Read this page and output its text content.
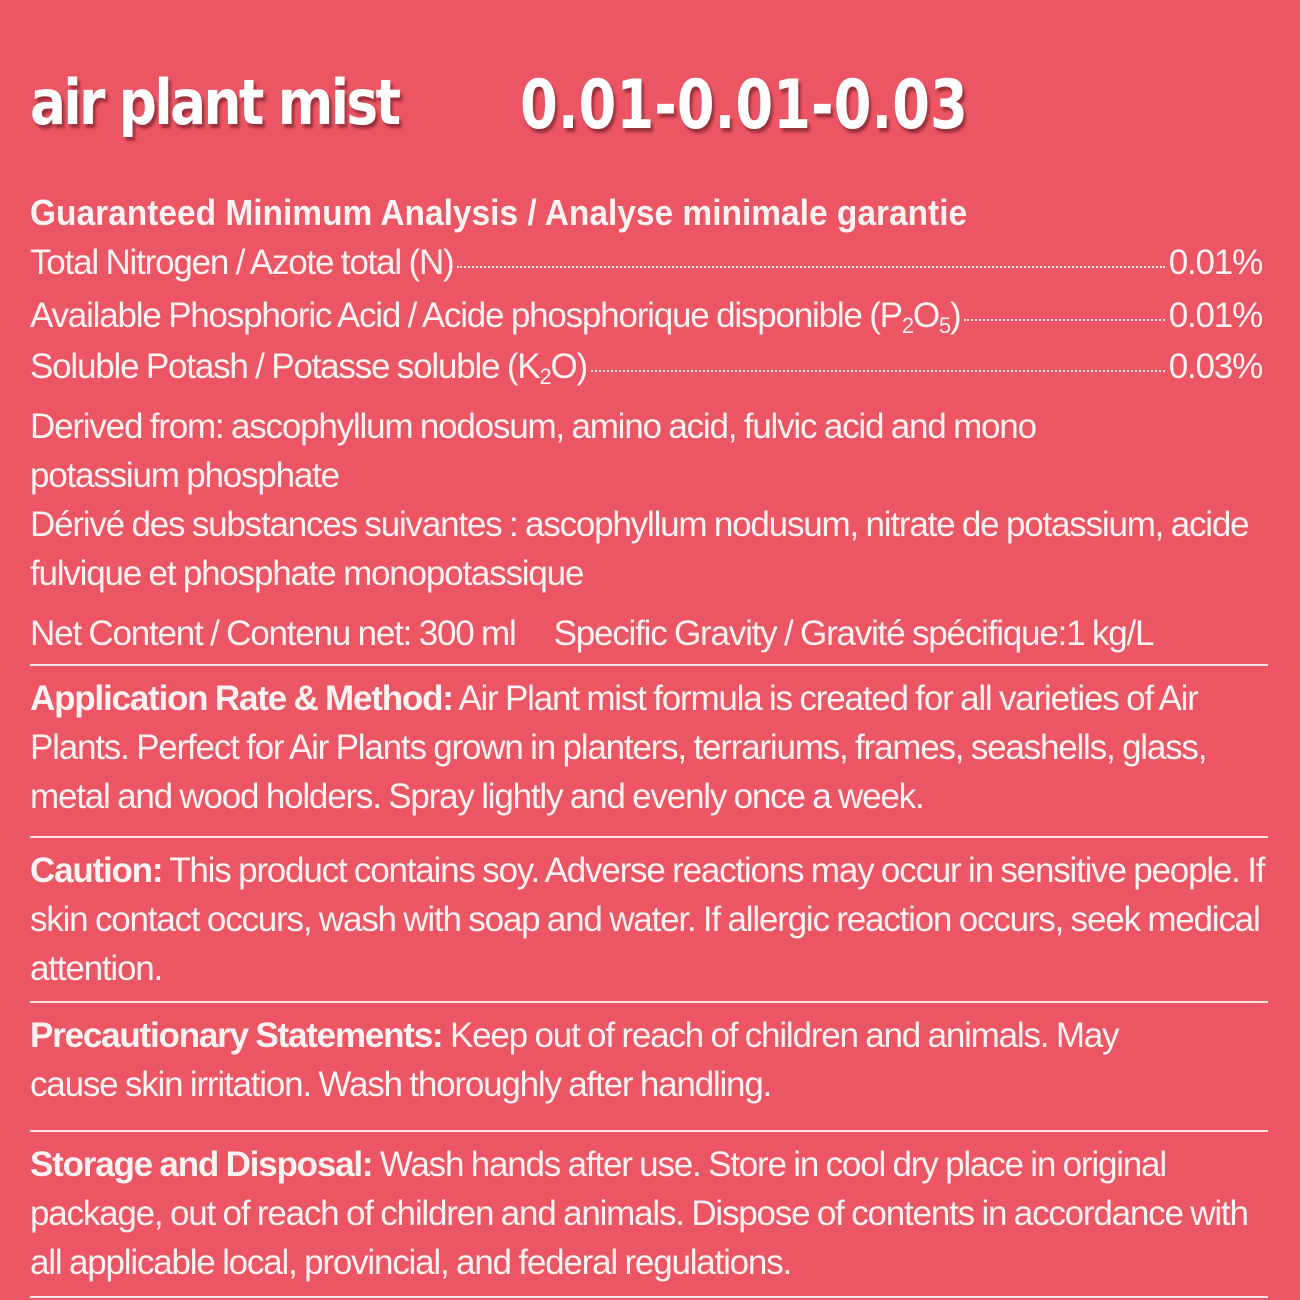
air plant mist 0.01-0.01-0.03
Guaranteed Minimum Analysis / Analyse minimale garantie
Total Nitrogen / Azote total (N)	0.01%
Available Phosphoric Acid / Acide phosphorique disponible $(P_2O_5)$	0.01%
Soluble Potash / Potasse soluble $(K_2O)$	0.03%
Derived from: ascophyllum nodosum, amino acid, fulvic acid and mono potassium phosphate
Dérivé des substances suivantes : ascophyllum nodusum, nitrate de potassium, acide fulvique et phosphate monopotassique
Net Content / Contenu net: 300 ml Specific Gravity / Gravité spécifique:1 kg/L
Application Rate & Method: Air Plant mist formula is created for all varieties of Air Plants. Perfect for Air Plants grown in planters, terrariums, frames, seashells, glass, metal and wood holders. Spray lightly and evenly once a week.
Caution: This product contains soy. Adverse reactions may occur in sensitive people. If skin contact occurs, wash with soap and water. If allergic reaction occurs, seek medical attention.
Precautionary Statements: Keep out of reach of children and animals. May cause skin irritation. Wash thoroughly after handling.
Storage and Disposal: Wash hands after use. Store in cool dry place in original package, out of reach of children and animals. Dispose of contents in accordance with all applicable local, provincial, and federal regulations.
